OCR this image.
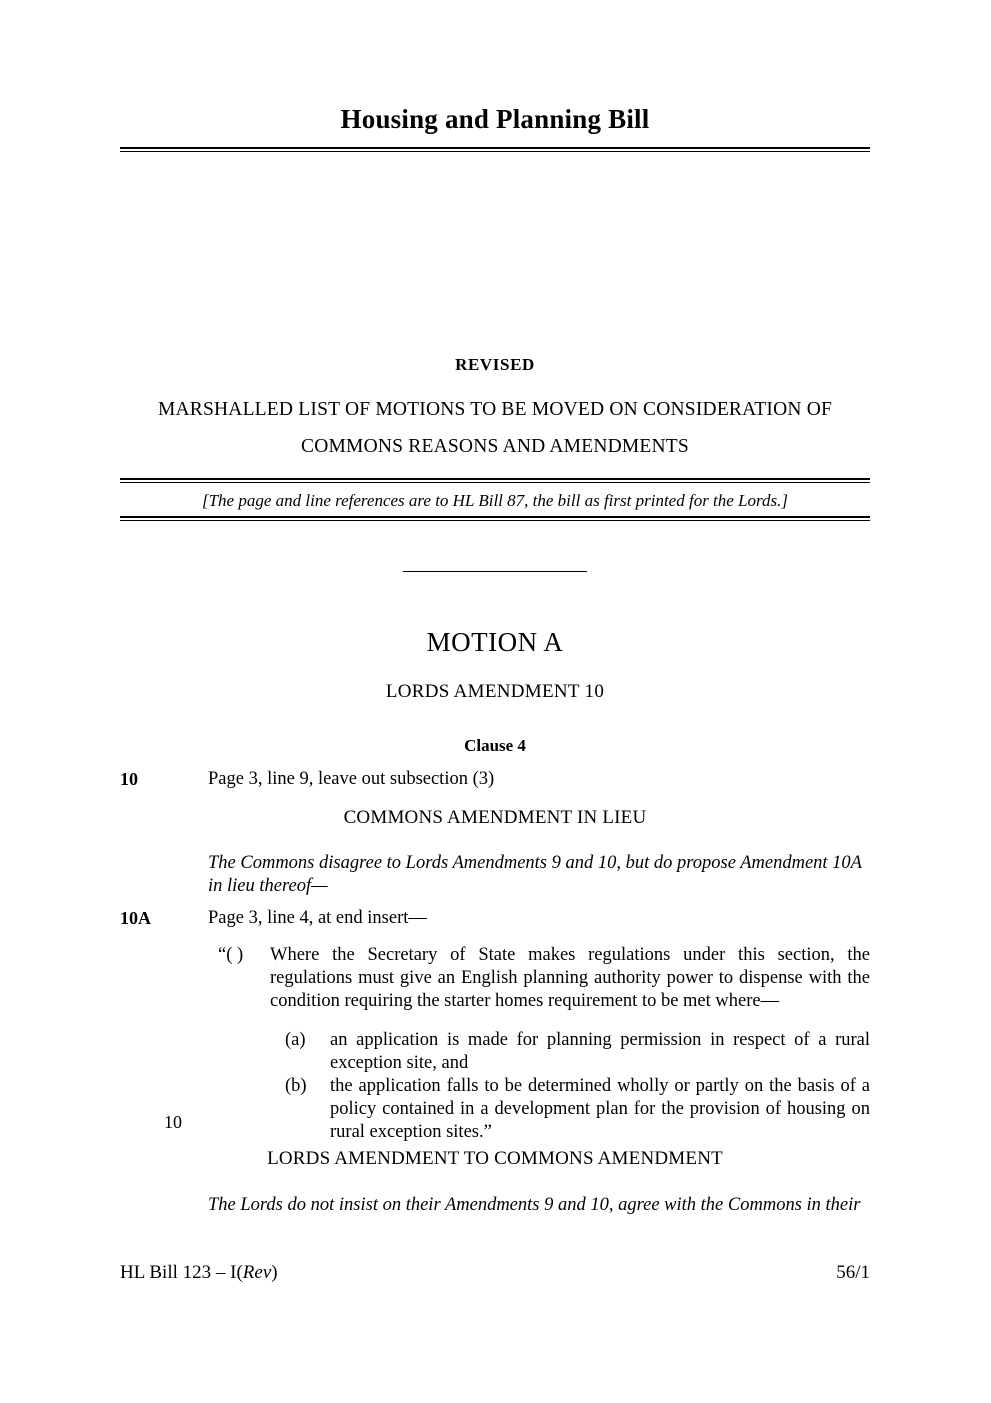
Housing and Planning Bill
REVISED
MARSHALLED LIST OF MOTIONS TO BE MOVED ON CONSIDERATION OF
COMMONS REASONS AND AMENDMENTS
[The page and line references are to HL Bill 87, the bill as first printed for the Lords.]
MOTION A
LORDS AMENDMENT 10
Clause 4
10	Page 3, line 9, leave out subsection (3)
COMMONS AMENDMENT IN LIEU
The Commons disagree to Lords Amendments 9 and 10, but do propose Amendment 10A in lieu thereof—
10A	Page 3, line 4, at end insert—
“( )	Where the Secretary of State makes regulations under this section, the regulations must give an English planning authority power to dispense with the condition requiring the starter homes requirement to be met where—
(a)	an application is made for planning permission in respect of a rural exception site, and
(b)	the application falls to be determined wholly or partly on the basis of a policy contained in a development plan for the provision of housing on rural exception sites.”
10
LORDS AMENDMENT TO COMMONS AMENDMENT
The Lords do not insist on their Amendments 9 and 10, agree with the Commons in their
HL Bill 123 – I(Rev)	56/1
